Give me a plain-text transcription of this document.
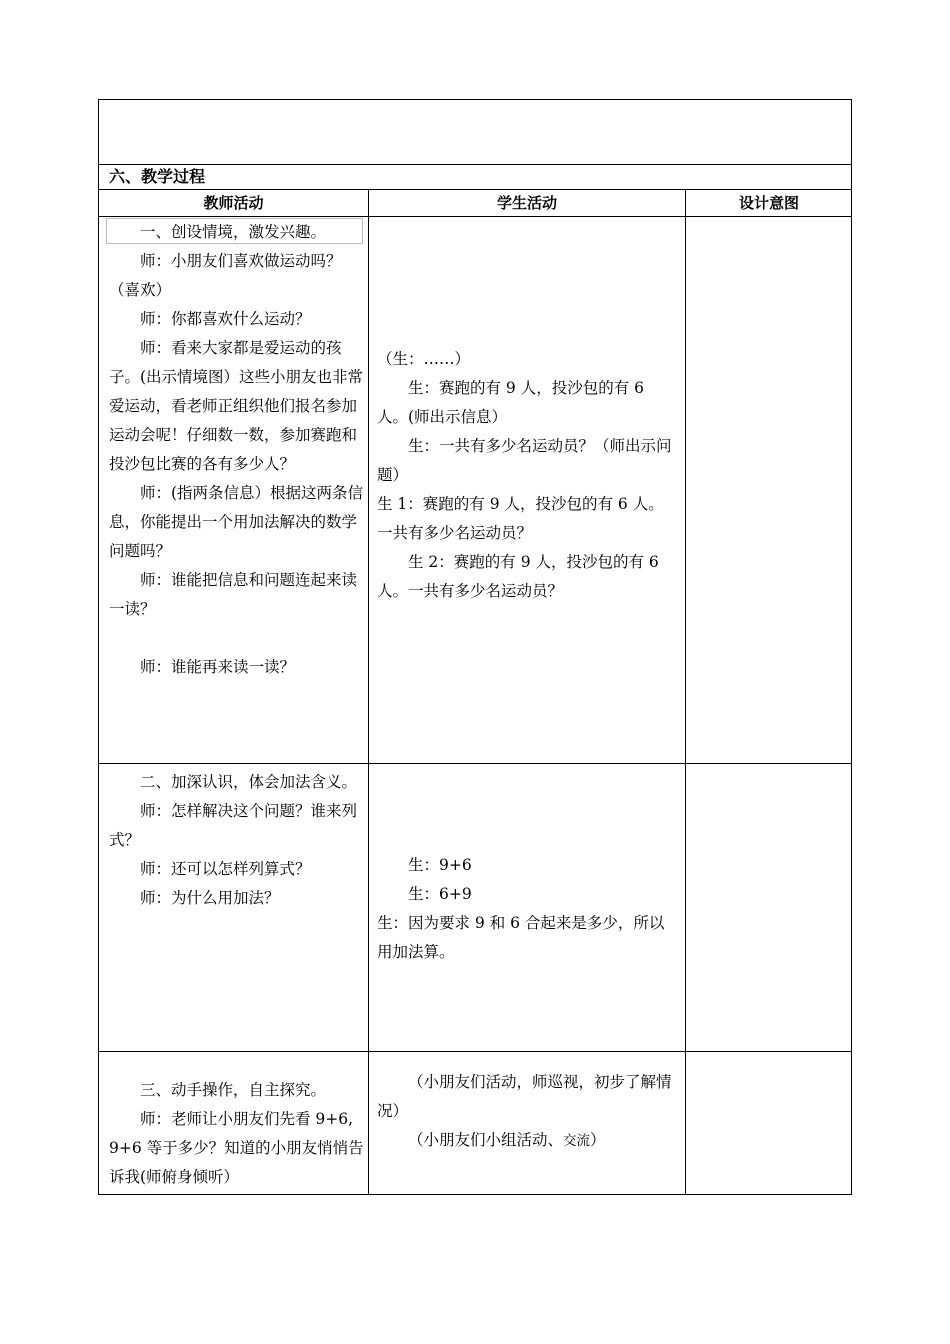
六、教学过程
教师活动	学生活动	设计意图

一、创设情境，激发兴趣。

师：小朋友们喜欢做运动吗？（喜欢）

师：你都喜欢什么运动？

师：看来大家都是爱运动的孩子。(出示情境图）这些小朋友也非常爱运动，看老师正组织他们报名参加运动会呢！仔细数一数，参加赛跑和投沙包比赛的各有多少人？

师：(指两条信息）根据这两条信息，你能提出一个用加法解决的数学问题吗？

师：谁能把信息和问题连起来读一读？

师：谁能再来读一读？

（生：……）

生：赛跑的有 9 人，投沙包的有 6 人。(师出示信息）

生：一共有多少名运动员？（师出示问题）

生 1：赛跑的有 9 人，投沙包的有 6 人。一共有多少名运动员？

生 2：赛跑的有 9 人，投沙包的有 6 人。一共有多少名运动员？

二、加深认识，体会加法含义。

师：怎样解决这个问题？谁来列式？

师：还可以怎样列算式？

师：为什么用加法？

生：9+6

生：6+9

生：因为要求 9 和 6 合起来是多少，所以用加法算。

三、动手操作，自主探究。

师：老师让小朋友们先看 9+6, 9+6 等于多少？知道的小朋友悄悄告诉我(师俯身倾听）

（小朋友们活动，师巡视，初步了解情况）

（小朋友们小组活动、交流）
